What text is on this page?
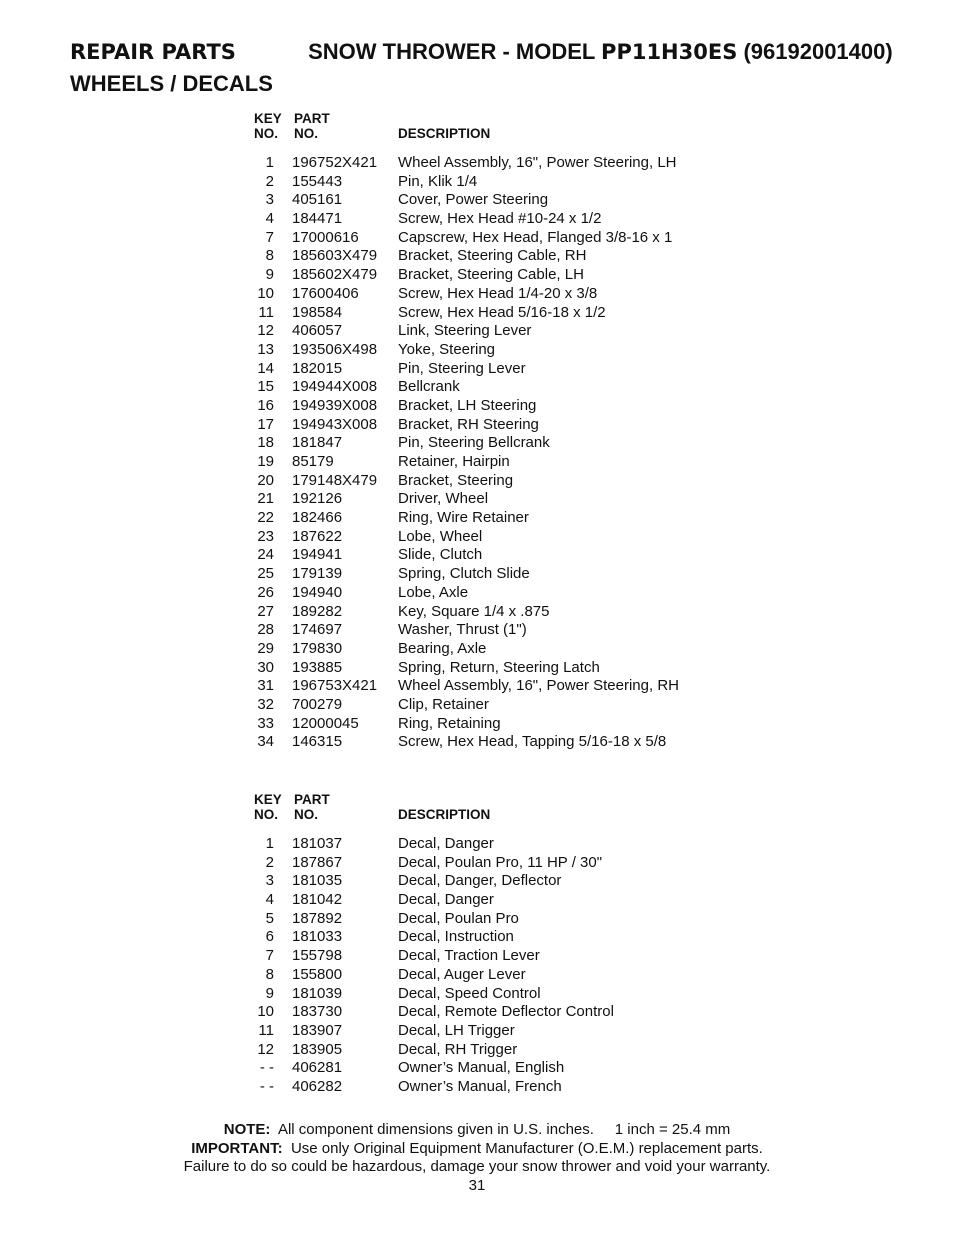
REPAIR PARTS	SNOW THROWER - MODEL PP11H30ES (96192001400)
WHEELS / DECALS
KEY
NO.
PART
NO.	DESCRIPTION
1 196752X421 Wheel Assembly, 16", Power Steering, LH
2 155443	Pin, Klik 1/4
3 405161	Cover, Power Steering
4 184471	Screw, Hex Head #10-24 x 1/2
7 17000616	Capscrew, Hex Head, Flanged 3/8-16 x 1
8 185603X479 Bracket, Steering Cable, RH
9 185602X479 Bracket, Steering Cable, LH
10 17600406	Screw, Hex Head 1/4-20 x 3/8
11 198584	Screw, Hex Head 5/16-18 x 1/2
12 406057	Link, Steering Lever
13 193506X498 Yoke, Steering
14 182015	Pin, Steering Lever
15 194944X008 Bellcrank
16 194939X008 Bracket, LH Steering
17 194943X008 Bracket, RH Steering
18 181847	Pin, Steering Bellcrank
19 85179	Retainer, Hairpin
20 179148X479 Bracket, Steering
21 192126	Driver, Wheel
22 182466	Ring, Wire Retainer
23 187622	Lobe, Wheel
24 194941	Slide, Clutch
25 179139	Spring, Clutch Slide
26 194940	Lobe, Axle
27 189282	Key, Square 1/4 x .875
28 174697	Washer, Thrust (1")
29 179830	Bearing, Axle
30 193885	Spring, Return, Steering Latch
31 196753X421 Wheel Assembly, 16", Power Steering, RH
32 700279	Clip, Retainer
33 12000045	Ring, Retaining
34 146315	Screw, Hex Head, Tapping 5/16-18 x 5/8
KEY
NO.
PART
NO.	DESCRIPTION
1 181037	Decal, Danger
2 187867	Decal, Poulan Pro, 11 HP / 30"
3 181035	Decal, Danger, Deflector
4 181042	Decal, Danger
5 187892	Decal, Poulan Pro
6 181033	Decal, Instruction
7 155798	Decal, Traction Lever
8 155800	Decal, Auger Lever
9 181039	Decal, Speed Control
10 183730	Decal, Remote Deflector Control
11 183907	Decal, LH Trigger
12 183905	Decal, RH Trigger
- - 406281	Owner’s Manual, English
- - 406282	Owner’s Manual, French
NOTE: All component dimensions given in U.S. inches.     1 inch = 25.4 mm
IMPORTANT: Use only Original Equipment Manufacturer (O.E.M.) replacement parts.
Failure to do so could be hazardous, damage your snow thrower and void your warranty.
31
